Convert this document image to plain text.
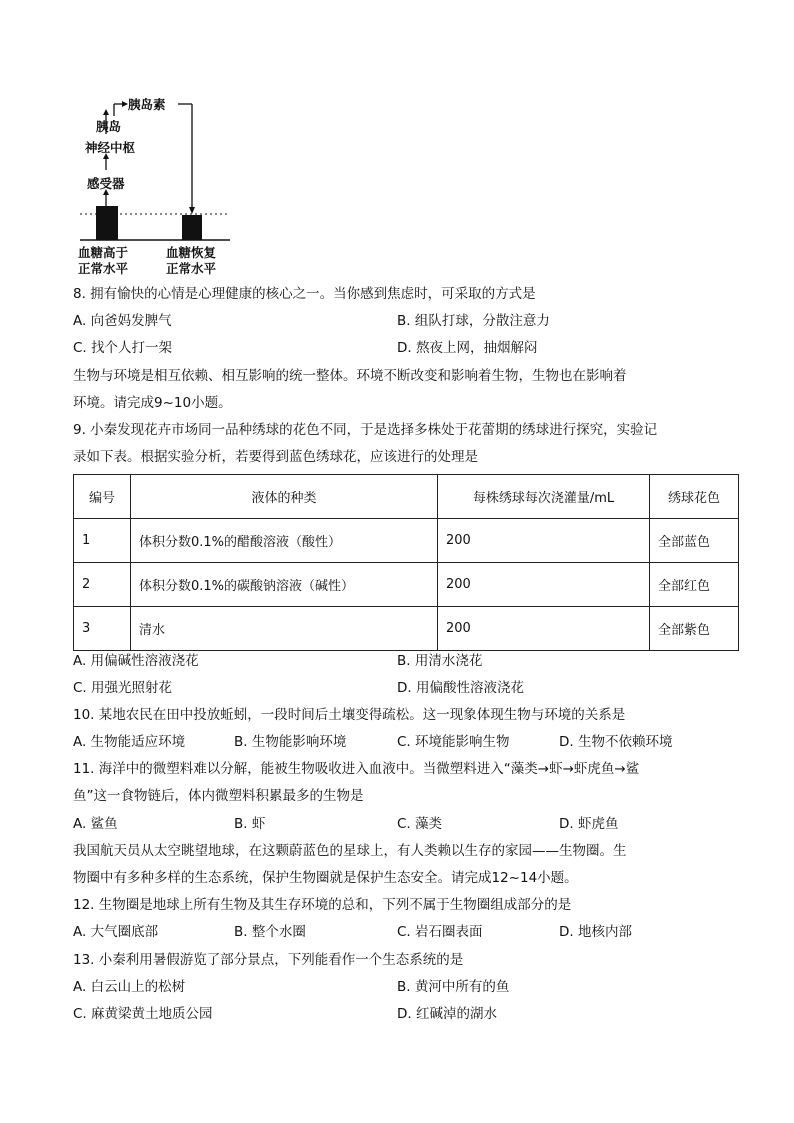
胰岛素
胰岛
神经中枢
感受器
血糖高于
正常水平
血糖恢复
正常水平
8. 拥有愉快的心情是心理健康的核心之一。当你感到焦虑时，可采取的方式是
A. 向爸妈发脾气	B. 组队打球，分散注意力
C. 找个人打一架	D. 熬夜上网，抽烟解闷
生物与环境是相互依赖、相互影响的统一整体。环境不断改变和影响着生物，生物也在影响着
环境。请完成9~10小题。
9. 小秦发现花卉市场同一品种绣球的花色不同，于是选择多株处于花蕾期的绣球进行探究，实验记
录如下表。根据实验分析，若要得到蓝色绣球花，应该进行的处理是
编号	液体的种类	每株绣球每次浇灌量/mL	绣球花色
1	体积分数0.1%的醋酸溶液（酸性）	200	全部蓝色
2	体积分数0.1%的碳酸钠溶液（碱性）	200	全部红色
3	清水	200	全部紫色
A. 用偏碱性溶液浇花	B. 用清水浇花
C. 用强光照射花	D. 用偏酸性溶液浇花
10. 某地农民在田中投放蚯蚓，一段时间后土壤变得疏松。这一现象体现生物与环境的关系是
A. 生物能适应环境	B. 生物能影响环境	C. 环境能影响生物	D. 生物不依赖环境
11. 海洋中的微塑料难以分解，能被生物吸收进入血液中。当微塑料进入“藻类→虾→虾虎鱼→鲨
鱼”这一食物链后，体内微塑料积累最多的生物是
A. 鲨鱼	B. 虾	C. 藻类	D. 虾虎鱼
我国航天员从太空眺望地球，在这颗蔚蓝色的星球上，有人类赖以生存的家园——生物圈。生
物圈中有多种多样的生态系统，保护生物圈就是保护生态安全。请完成12~14小题。
12. 生物圈是地球上所有生物及其生存环境的总和，下列不属于生物圈组成部分的是
A. 大气圈底部	B. 整个水圈	C. 岩石圈表面	D. 地核内部
13. 小秦利用暑假游览了部分景点，下列能看作一个生态系统的是
A. 白云山上的松树	B. 黄河中所有的鱼
C. 麻黄梁黄土地质公园	D. 红碱淖的湖水
